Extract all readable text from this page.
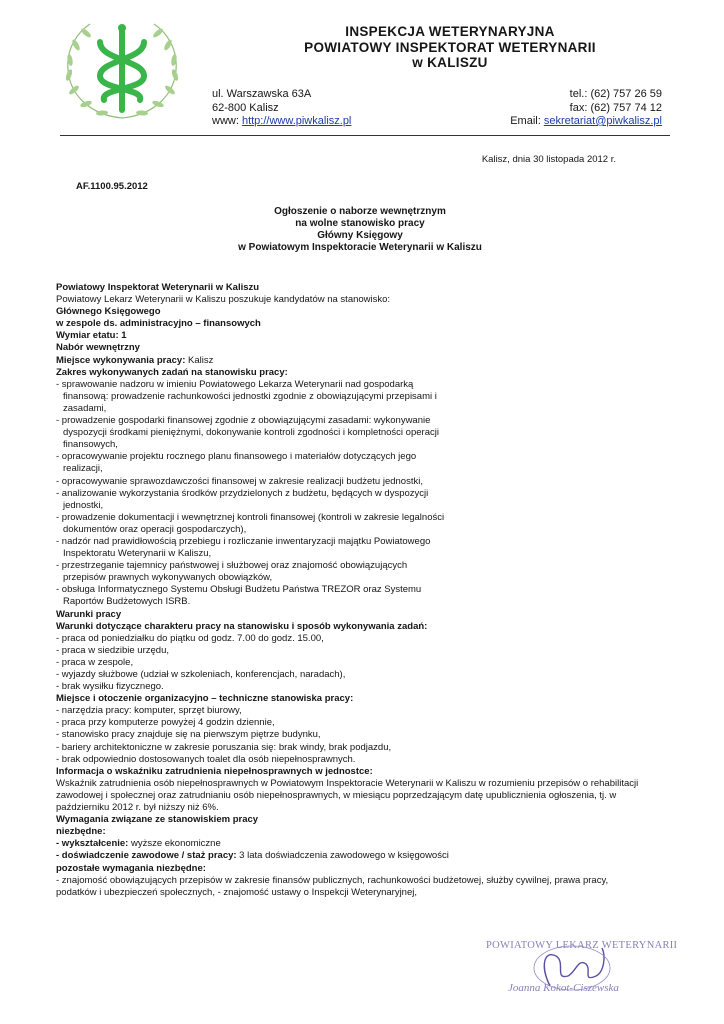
INSPEKCJA WETERYNARYJNA
POWIATOWY INSPEKTORAT WETERYNARII
w KALISZU
ul. Warszawska 63A
62-800 Kalisz
www: http://www.piwkalisz.pl
tel.: (62) 757 26 59
fax: (62) 757 74 12
Email: sekretariat@piwkalisz.pl
Kalisz, dnia 30 listopada 2012 r.
AF.1100.95.2012
Ogłoszenie o naborze wewnętrznym
na wolne stanowisko pracy
Główny Księgowy
w Powiatowym Inspektoracie Weterynarii w Kaliszu

Powiatowy Inspektorat Weterynarii w Kaliszu

Powiatowy Lekarz Weterynarii w Kaliszu poszukuje kandydatów na stanowisko:

Głównego Księgowego

w zespole ds. administracyjno – finansowych

Wymiar etatu: 1

Nabór wewnętrzny

Miejsce wykonywania pracy: Kalisz

Zakres wykonywanych zadań na stanowisku pracy:

- sprawowanie nadzoru w imieniu Powiatowego Lekarza Weterynarii nad gospodarką

finansową: prowadzenie rachunkowości jednostki zgodnie z obowiązującymi przepisami i

zasadami,

- prowadzenie gospodarki finansowej zgodnie z obowiązującymi zasadami: wykonywanie

dyspozycji środkami pieniężnymi, dokonywanie kontroli zgodności i kompletności operacji

finansowych,

- opracowywanie projektu rocznego planu finansowego i materiałów dotyczących jego

realizacji,

- opracowywanie sprawozdawczości finansowej w zakresie realizacji budżetu jednostki,

- analizowanie wykorzystania środków przydzielonych z budżetu, będących w dyspozycji

jednostki,

- prowadzenie dokumentacji i wewnętrznej kontroli finansowej (kontroli w zakresie legalności

dokumentów oraz operacji gospodarczych),

- nadzór nad prawidłowością przebiegu i rozliczanie inwentaryzacji majątku Powiatowego

Inspektoratu Weterynarii w Kaliszu,

- przestrzeganie tajemnicy państwowej i służbowej oraz znajomość obowiązujących

przepisów prawnych wykonywanych obowiązków,

- obsługa Informatycznego Systemu Obsługi Budżetu Państwa TREZOR oraz Systemu

Raportów Budżetowych ISRB.

Warunki pracy

Warunki dotyczące charakteru pracy na stanowisku i sposób wykonywania zadań:

- praca od poniedziałku do piątku od godz. 7.00 do godz. 15.00,

- praca w siedzibie urzędu,

- praca w zespole,

- wyjazdy służbowe (udział w szkoleniach, konferencjach, naradach),

- brak wysiłku fizycznego.

Miejsce i otoczenie organizacyjno – techniczne stanowiska pracy:

- narzędzia pracy: komputer, sprzęt biurowy,

- praca przy komputerze powyżej 4 godzin dziennie,

- stanowisko pracy znajduje się na pierwszym piętrze budynku,

- bariery architektoniczne w zakresie poruszania się: brak windy, brak podjazdu,

- brak odpowiednio dostosowanych toalet dla osób niepełnosprawnych.

Informacja o wskaźniku zatrudnienia niepełnosprawnych w jednostce:

Wskaźnik zatrudnienia osób niepełnosprawnych w Powiatowym Inspektoracie Weterynarii w Kaliszu w rozumieniu przepisów o rehabilitacji

zawodowej i społecznej oraz zatrudnianiu osób niepełnosprawnych, w miesiącu poprzedzającym datę upublicznienia ogłoszenia, tj. w

październiku 2012 r. był niższy niż 6%.

Wymagania związane ze stanowiskiem pracy

niezbędne:

- wykształcenie: wyższe ekonomiczne

- doświadczenie zawodowe / staż pracy: 3 lata doświadczenia zawodowego w księgowości

pozostałe wymagania niezbędne:

- znajomość obowiązujących przepisów w zakresie finansów publicznych, rachunkowości budżetowej, służby cywilnej, prawa pracy,

podatków i ubezpieczeń społecznych, - znajomość ustawy o Inspekcji Weterynaryjnej,

POWIATOWY LEKARZ WETERYNARII
Joanna Kokot-Ciszewska
